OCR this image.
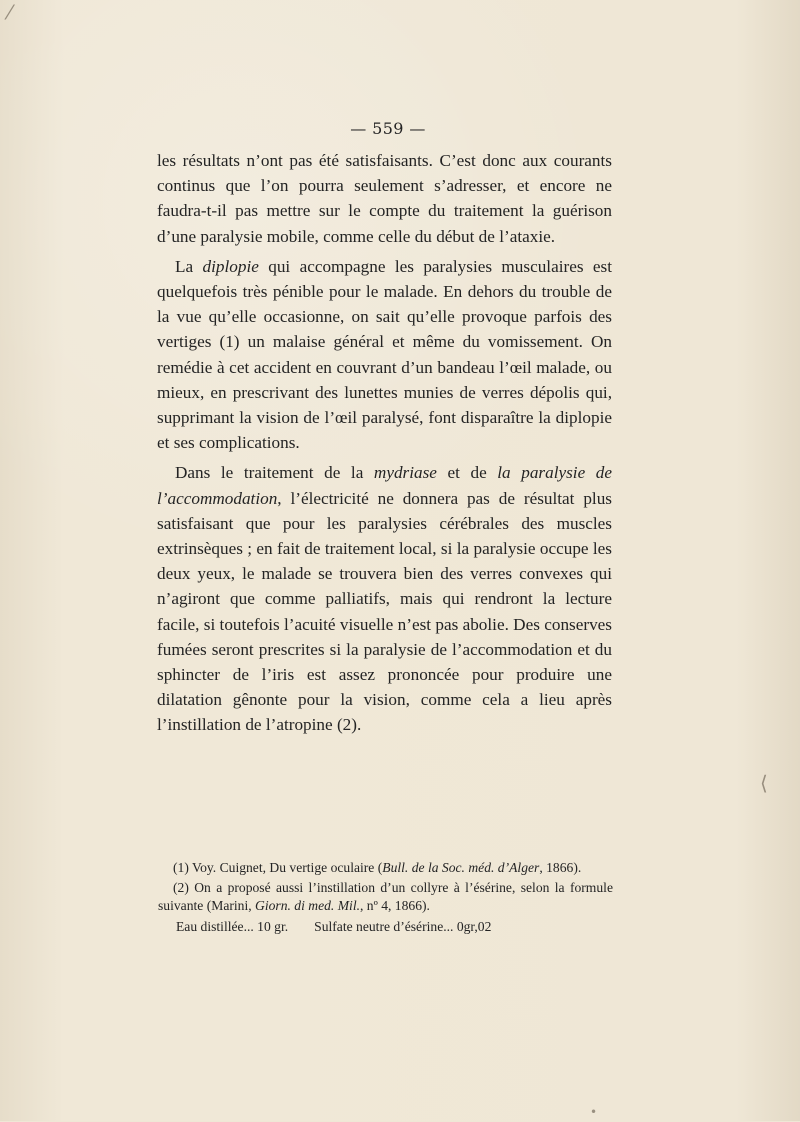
— 559 —

les résultats n’ont pas été satisfaisants. C’est donc aux courants continus que l’on pourra seulement s’adresser, et encore ne faudra-t-il pas mettre sur le compte du traitement la guérison d’une paralysie mobile, comme celle du début de l’ataxie.

La diplopie qui accompagne les paralysies musculaires est quelquefois très pénible pour le malade. En dehors du trouble de la vue qu’elle occasionne, on sait qu’elle provoque parfois des vertiges (1) un malaise général et même du vomissement. On remédie à cet accident en couvrant d’un bandeau l’œil malade, ou mieux, en prescrivant des lunettes munies de verres dépolis qui, supprimant la vision de l’œil paralysé, font disparaître la diplopie et ses complications.

Dans le traitement de la mydriase et de la paralysie de l’accommodation, l’électricité ne donnera pas de résultat plus satisfaisant que pour les paralysies cérébrales des muscles extrinsèques ; en fait de traitement local, si la paralysie occupe les deux yeux, le malade se trouvera bien des verres convexes qui n’agiront que comme palliatifs, mais qui rendront la lecture facile, si toutefois l’acuité visuelle n’est pas abolie. Des conserves fumées seront prescrites si la paralysie de l’accommodation et du sphincter de l’iris est assez prononcée pour produire une dilatation gênonte pour la vision, comme cela a lieu après l’instillation de l’atropine (2).

(1) Voy. Cuignet, Du vertige oculaire (Bull. de la Soc. méd. d’Alger, 1866).

(2) On a proposé aussi l’instillation d’un collyre à l’ésérine, selon la formule suivante (Marini, Giorn. di med. Mil., nº 4, 1866).

Eau distillée... 10 gr. Sulfate neutre d’ésérine... 0gr,02
⁄
•
⟨
